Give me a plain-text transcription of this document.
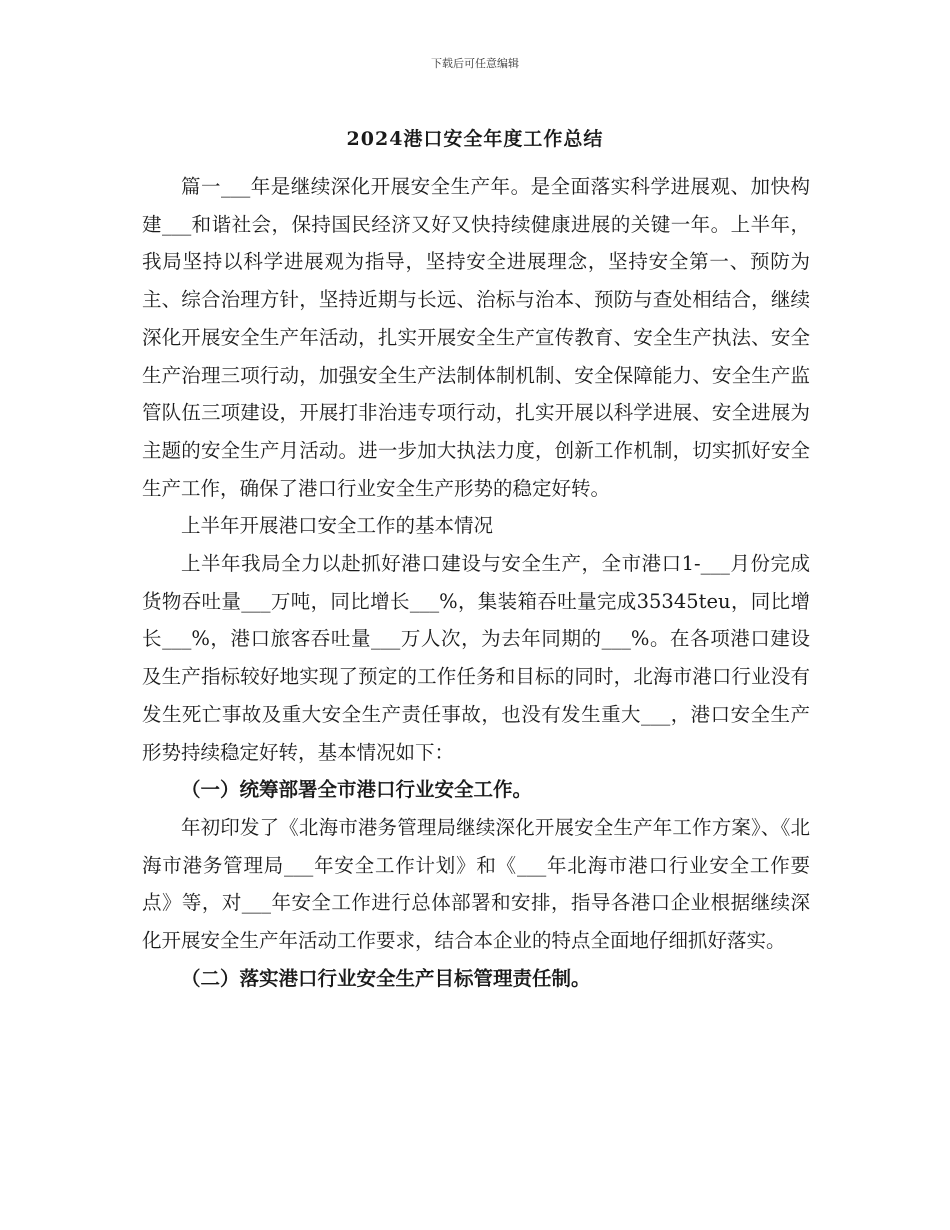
下载后可任意编辑
2024港口安全年度工作总结

篇一___年是继续深化开展安全生产年。是全面落实科学进展观、加快构建___和谐社会，保持国民经济又好又快持续健康进展的关键一年。上半年，我局坚持以科学进展观为指导，坚持安全进展理念，坚持安全第一、预防为主、综合治理方针，坚持近期与长远、治标与治本、预防与查处相结合，继续深化开展安全生产年活动，扎实开展安全生产宣传教育、安全生产执法、安全生产治理三项行动，加强安全生产法制体制机制、安全保障能力、安全生产监管队伍三项建设，开展打非治违专项行动，扎实开展以科学进展、安全进展为主题的安全生产月活动。进一步加大执法力度，创新工作机制，切实抓好安全生产工作，确保了港口行业安全生产形势的稳定好转。

上半年开展港口安全工作的基本情况

上半年我局全力以赴抓好港口建设与安全生产，全市港口1-___月份完成货物吞吐量___万吨，同比增长___%，集装箱吞吐量完成35345teu，同比增长___%，港口旅客吞吐量___万人次，为去年同期的___%。在各项港口建设及生产指标较好地实现了预定的工作任务和目标的同时，北海市港口行业没有发生死亡事故及重大安全生产责任事故，也没有发生重大___，港口安全生产形势持续稳定好转，基本情况如下：

（一）统筹部署全市港口行业安全工作。

年初印发了《北海市港务管理局继续深化开展安全生产年工作方案》、《北海市港务管理局___年安全工作计划》和《___年北海市港口行业安全工作要点》等，对___年安全工作进行总体部署和安排，指导各港口企业根据继续深化开展安全生产年活动工作要求，结合本企业的特点全面地仔细抓好落实。

（二）落实港口行业安全生产目标管理责任制。
